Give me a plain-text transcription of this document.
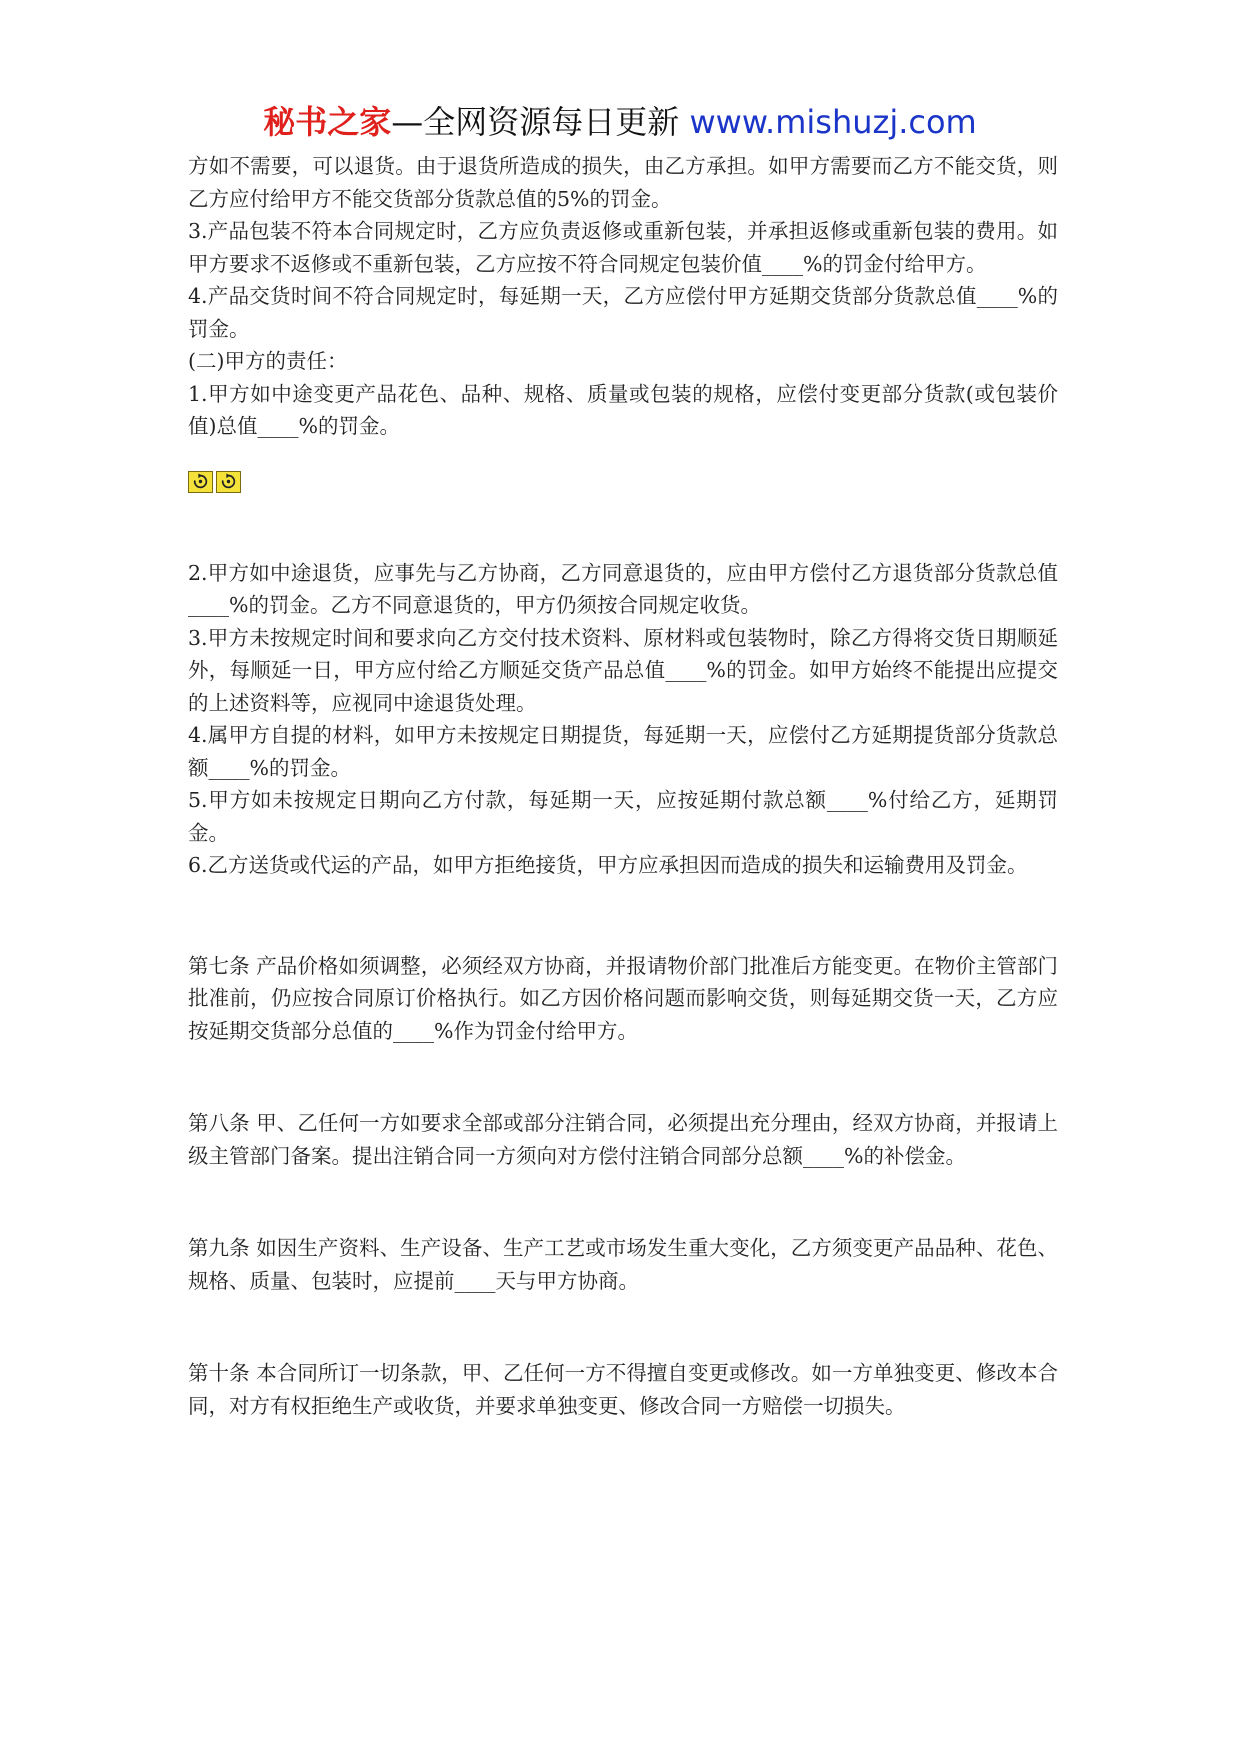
秘书之家—全网资源每日更新 www.mishuzj.com

方如不需要，可以退货。由于退货所造成的损失，由乙方承担。如甲方需要而乙方不能交货，则乙方应付给甲方不能交货部分货款总值的5%的罚金。

3.产品包装不符本合同规定时，乙方应负责返修或重新包装，并承担返修或重新包装的费用。如甲方要求不返修或不重新包装，乙方应按不符合同规定包装价值____%的罚金付给甲方。

4.产品交货时间不符合同规定时，每延期一天，乙方应偿付甲方延期交货部分货款总值____%的罚金。

(二)甲方的责任：

1.甲方如中途变更产品花色、品种、规格、质量或包装的规格，应偿付变更部分货款(或包装价值)总值____%的罚金。

2.甲方如中途退货，应事先与乙方协商，乙方同意退货的，应由甲方偿付乙方退货部分货款总值____%的罚金。乙方不同意退货的，甲方仍须按合同规定收货。

3.甲方未按规定时间和要求向乙方交付技术资料、原材料或包装物时，除乙方得将交货日期顺延外，每顺延一日，甲方应付给乙方顺延交货产品总值____%的罚金。如甲方始终不能提出应提交的上述资料等，应视同中途退货处理。

4.属甲方自提的材料，如甲方未按规定日期提货，每延期一天，应偿付乙方延期提货部分货款总额____%的罚金。

5.甲方如未按规定日期向乙方付款，每延期一天，应按延期付款总额____%付给乙方，延期罚金。

6.乙方送货或代运的产品，如甲方拒绝接货，甲方应承担因而造成的损失和运输费用及罚金。

第七条 产品价格如须调整，必须经双方协商，并报请物价部门批准后方能变更。在物价主管部门批准前，仍应按合同原订价格执行。如乙方因价格问题而影响交货，则每延期交货一天，乙方应按延期交货部分总值的____%作为罚金付给甲方。

第八条 甲、乙任何一方如要求全部或部分注销合同，必须提出充分理由，经双方协商，并报请上级主管部门备案。提出注销合同一方须向对方偿付注销合同部分总额____%的补偿金。

第九条 如因生产资料、生产设备、生产工艺或市场发生重大变化，乙方须变更产品品种、花色、规格、质量、包装时，应提前____天与甲方协商。

第十条 本合同所订一切条款，甲、乙任何一方不得擅自变更或修改。如一方单独变更、修改本合同，对方有权拒绝生产或收货，并要求单独变更、修改合同一方赔偿一切损失。
